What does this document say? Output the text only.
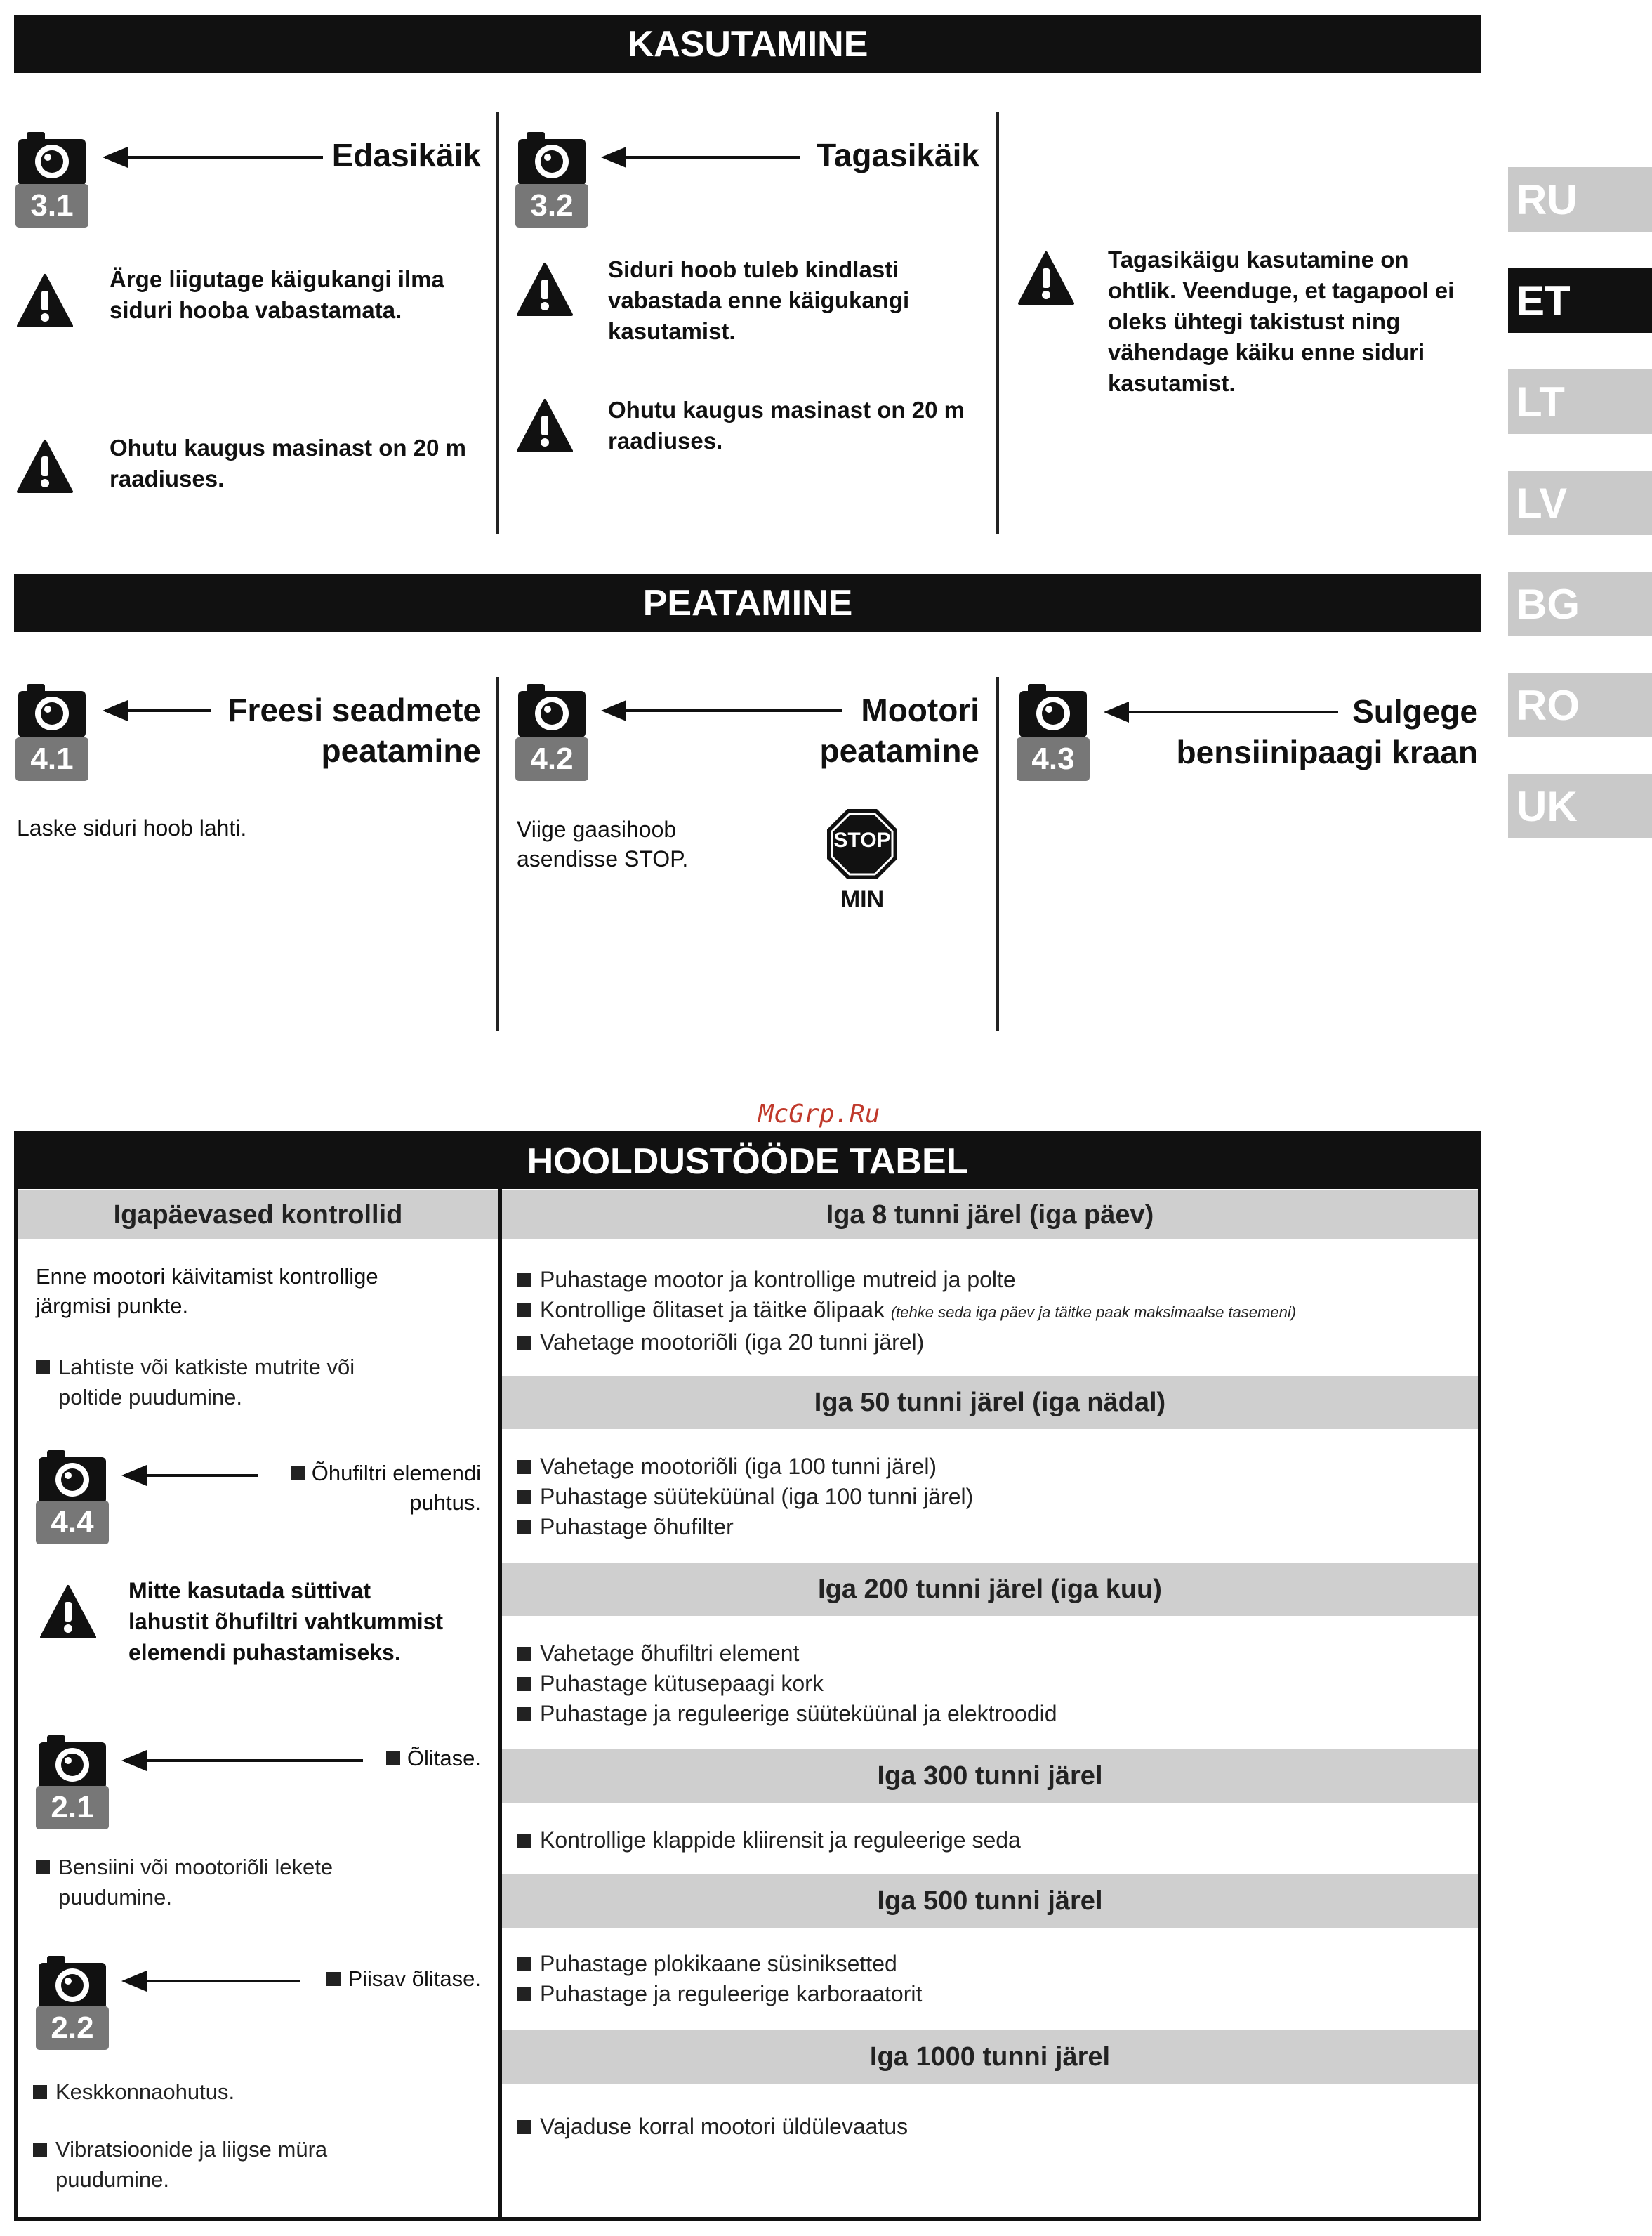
RU
ET
LT
LV
BG
RO
UK
KASUTAMINE
3.1
Edasikäik
Ärge liigutage käigukangi ilma siduri hooba vabastamata.
Ohutu kaugus masinast on 20 m raadiuses.
3.2
Tagasikäik
Siduri hoob tuleb kindlasti vabastada enne käigukangi kasutamist.
Ohutu kaugus masinast on 20 m raadiuses.
Tagasikäigu kasutamine on ohtlik. Veenduge, et tagapool ei oleks ühtegi takistust ning vähendage käiku enne siduri kasutamist.
PEATAMINE
4.1
Freesi seadmete
peatamine
Laske siduri hoob lahti.
4.2
Mootori
peatamine
Viige gaasihoob
asendisse STOP.
STOP
MIN
4.3
Sulgege
bensiinipaagi kraan
McGrp.Ru
HOOLDUSTÖÖDE TABEL
Igapäevased kontrollid
Enne mootori käivitamist kontrollige
järgmisi punkte.
Lahtiste või katkiste mutrite või
poltide puudumine.
4.4
Õhufiltri elemendi
puhtus.
Mitte kasutada süttivat
lahustit õhufiltri vahtkummist
elemendi puhastamiseks.
2.1
Õlitase.
Bensiini või mootoriõli lekete
puudumine.
2.2
Piisav õlitase.
Keskkonnaohutus.
Vibratsioonide ja liigse müra
puudumine.
Iga 8 tunni järel (iga päev)
Puhastage mootor ja kontrollige mutreid ja polte
Kontrollige õlitaset ja täitke õlipaak (tehke seda iga päev ja täitke paak maksimaalse tasemeni)
Vahetage mootoriõli (iga 20 tunni järel)
Iga 50 tunni järel (iga nädal)
Vahetage mootoriõli (iga 100 tunni järel)
Puhastage süüteküünal (iga 100 tunni järel)
Puhastage õhufilter
Iga 200 tunni järel (iga kuu)
Vahetage õhufiltri element
Puhastage kütusepaagi kork
Puhastage ja reguleerige süüteküünal ja elektroodid
Iga 300 tunni järel
Kontrollige klappide kliirensit ja reguleerige seda
Iga 500 tunni järel
Puhastage plokikaane süsiniksetted
Puhastage ja reguleerige karboraatorit
Iga 1000 tunni järel
Vajaduse korral mootori üldülevaatus
